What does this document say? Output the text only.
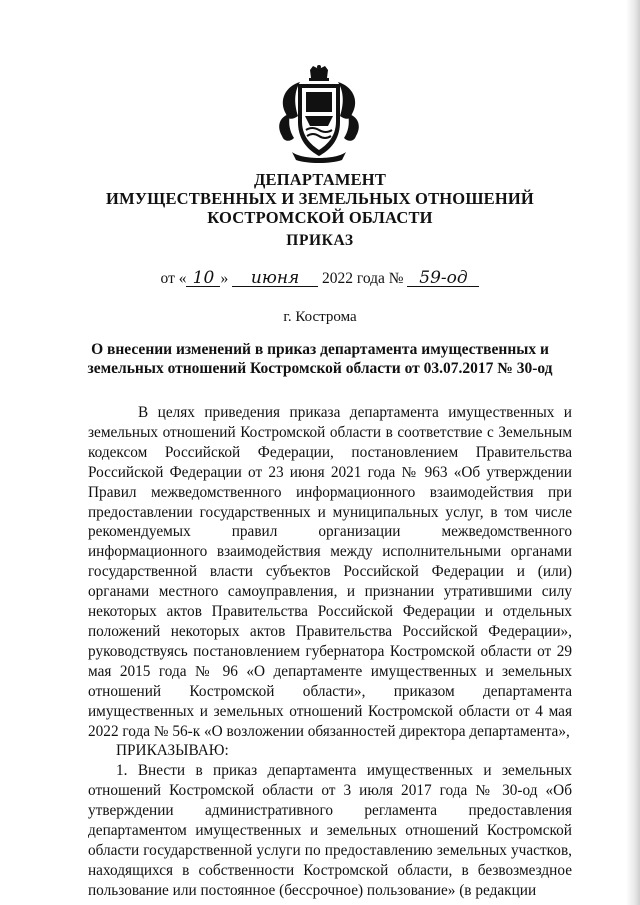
ДЕПАРТАМЕНТ
ИМУЩЕСТВЕННЫХ И ЗЕМЕЛЬНЫХ ОТНОШЕНИЙ
КОСТРОМСКОЙ ОБЛАСТИ
ПРИКАЗ
от « 10 » июня 2022 года № 59-од
г. Кострома
О внесении изменений в приказ департамента имущественных и
земельных отношений Костромской области от 03.07.2017 № 30-од

В целях приведения приказа департамента имущественных и земельных отношений Костромской области в соответствие с Земельным кодексом Российской Федерации, постановлением Правительства Российской Федерации от 23 июня 2021 года № 963 «Об утверждении Правил межведомственного информационного взаимодействия при предоставлении государственных и муниципальных услуг, в том числе рекомендуемых правил организации межведомственного информационного взаимодействия между исполнительными органами государственной власти субъектов Российской Федерации и (или) органами местного самоуправления, и признании утратившими силу некоторых актов Правительства Российской Федерации и отдельных положений некоторых актов Правительства Российской Федерации», руководствуясь постановлением губернатора Костромской области от 29 мая 2015 года № 96 «О департаменте имущественных и земельных отношений Костромской области», приказом департамента имущественных и земельных отношений Костромской области от 4 мая 2022 года № 56-к «О возложении обязанностей директора департамента»,

ПРИКАЗЫВАЮ:

1. Внести в приказ департамента имущественных и земельных отношений Костромской области от 3 июля 2017 года № 30-од «Об утверждении административного регламента предоставления департаментом имущественных и земельных отношений Костромской области государственной услуги по предоставлению земельных участков, находящихся в собственности Костромской области, в безвозмездное пользование или постоянное (бессрочное) пользование» (в редакции
